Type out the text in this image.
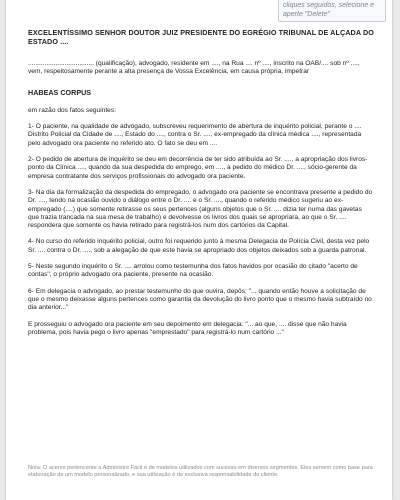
cliques seguidos, selecione e aperte "Delete"
EXCELENTÍSSIMO SENHOR DOUTOR JUIZ PRESIDENTE DO EGRÉGIO TRIBUNAL DE ALÇADA DO ESTADO ....
.................................... (qualificação), advogado, residente em ...., na Rua .... nº ...., inscrito na OAB/.... sob nº ...., vem, respeitosamente perante a alta presença de Vossa Excelência, em causa própria, impetrar
HABEAS CORPUS
em razão dos fatos seguintes:
1- O paciente, na qualidade de advogado, subscreveu requerimento de abertura de inquérito policial, perante o .... Distrito Policial da Cidade de ...., Estado do ...., contra o Sr. ...., ex-empregado da clínica médica ...., representada pelo advogado ora paciente no referido ato. O fato se deu em ....
2- O pedido de abertura de inquérito se deu em decorrência de ter sido atribuída ao Sr. ...., a apropriação dos livros-ponto da Clínica ...., quando da sua despedida do emprego, em ...., a pedido do médico Dr. ...., sócio-gerente da empresa contratante dos serviços profissionais do advogado ora paciente.
3- Na dia da formalização da despedida do empregado, o advogado ora paciente se encontrava presente a pedido do Dr. ...., tendo na ocasião ouvido o diálogo entre o Dr. .... e o Sr. ...., quando o referido médico sugeriu ao ex-empregado (....) que somente retirasse os seus pertences (alguns objetos que o Sr. .... dizia ter numa das gavetas que trazia trancada na sua mesa de trabalho) e devolvesse os livros dos quais se apropriara, ao que o Sr. .... respondera que somente os havia retirado para registrá-los num dos cartórios da Capital.
4- No curso do referido inquérito policial, outro foi requerido junto à mesma Delegacia de Polícia Civil, desta vez pelo Sr. .... contra o Dr. ...., sob a alegação de que este havia se apropriado dos objetos deixados sob a guarda patronal.
5- Neste segundo inquérito o Sr. .... arrolou como testemunha dos fatos havidos por ocasião do citado "acerto de contas", o próprio advogado ora paciente, presente na ocasião.
6- Em delegacia o advogado, ao prestar testemunho do que ouvira, depôs: "... quando então houve a solicitação de que o mesmo deixasse alguns pertences como garantia da devolução do livro ponto que o mesmo havia subtraído no dia anterior..."
E prosseguiu o advogado ora paciente em seu depoimento em delegacia: "... ao que, .... disse que não havia problema, pois havia pego o livro apenas "emprestado" para registrá-lo num cartório ..."
Nota: O acervo pertencente a Administre Fácil é de modelos utilizados com sucesso em diversos segmentos. Eles servem como base para elaboração de um modelo personalizado, e sua utilização é de exclusiva responsabilidade do cliente.
